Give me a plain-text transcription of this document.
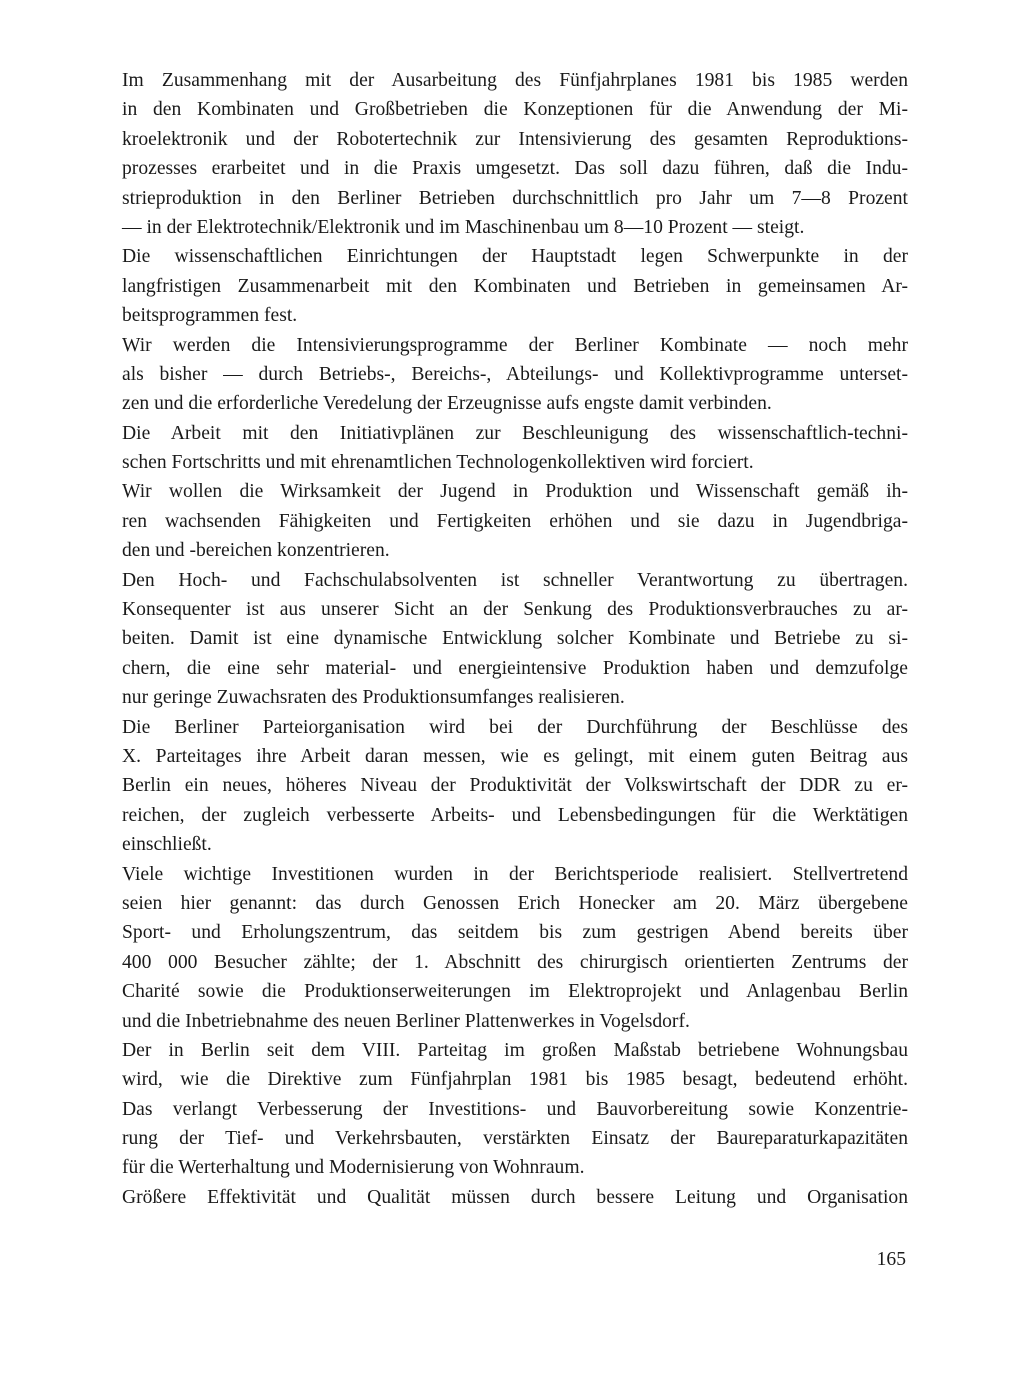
Im Zusammenhang mit der Ausarbeitung des Fünfjahrplanes 1981 bis 1985 werden
in den Kombinaten und Großbetrieben die Konzeptionen für die Anwendung der Mi-
kroelektronik und der Robotertechnik zur Intensivierung des gesamten Reproduktions-
prozesses erarbeitet und in die Praxis umgesetzt. Das soll dazu führen, daß die Indu-
strieproduktion in den Berliner Betrieben durchschnittlich pro Jahr um 7—8 Prozent
— in der Elektrotechnik/Elektronik und im Maschinenbau um 8—10 Prozent — steigt.
Die wissenschaftlichen Einrichtungen der Hauptstadt legen Schwerpunkte in der
langfristigen Zusammenarbeit mit den Kombinaten und Betrieben in gemeinsamen Ar-
beitsprogrammen fest.
Wir werden die Intensivierungsprogramme der Berliner Kombinate — noch mehr
als bisher — durch Betriebs-, Bereichs-, Abteilungs- und Kollektivprogramme unterset-
zen und die erforderliche Veredelung der Erzeugnisse aufs engste damit verbinden.
Die Arbeit mit den Initiativplänen zur Beschleunigung des wissenschaftlich-techni-
schen Fortschritts und mit ehrenamtlichen Technologenkollektiven wird forciert.
Wir wollen die Wirksamkeit der Jugend in Produktion und Wissenschaft gemäß ih-
ren wachsenden Fähigkeiten und Fertigkeiten erhöhen und sie dazu in Jugendbriga-
den und -bereichen konzentrieren.
Den Hoch- und Fachschulabsolventen ist schneller Verantwortung zu übertragen.
Konsequenter ist aus unserer Sicht an der Senkung des Produktionsverbrauches zu ar-
beiten. Damit ist eine dynamische Entwicklung solcher Kombinate und Betriebe zu si-
chern, die eine sehr material- und energieintensive Produktion haben und demzufolge
nur geringe Zuwachsraten des Produktionsumfanges realisieren.
Die Berliner Parteiorganisation wird bei der Durchführung der Beschlüsse des
X. Parteitages ihre Arbeit daran messen, wie es gelingt, mit einem guten Beitrag aus
Berlin ein neues, höheres Niveau der Produktivität der Volkswirtschaft der DDR zu er-
reichen, der zugleich verbesserte Arbeits- und Lebensbedingungen für die Werktätigen
einschließt.
Viele wichtige Investitionen wurden in der Berichtsperiode realisiert. Stellvertretend
seien hier genannt: das durch Genossen Erich Honecker am 20. März übergebene
Sport- und Erholungszentrum, das seitdem bis zum gestrigen Abend bereits über
400 000 Besucher zählte; der 1. Abschnitt des chirurgisch orientierten Zentrums der
Charité sowie die Produktionserweiterungen im Elektroprojekt und Anlagenbau Berlin
und die Inbetriebnahme des neuen Berliner Plattenwerkes in Vogelsdorf.
Der in Berlin seit dem VIII. Parteitag im großen Maßstab betriebene Wohnungsbau
wird, wie die Direktive zum Fünfjahrplan 1981 bis 1985 besagt, bedeutend erhöht.
Das verlangt Verbesserung der Investitions- und Bauvorbereitung sowie Konzentrie-
rung der Tief- und Verkehrsbauten, verstärkten Einsatz der Baureparaturkapazitäten
für die Werterhaltung und Modernisierung von Wohnraum.
Größere Effektivität und Qualität müssen durch bessere Leitung und Organisation
165
